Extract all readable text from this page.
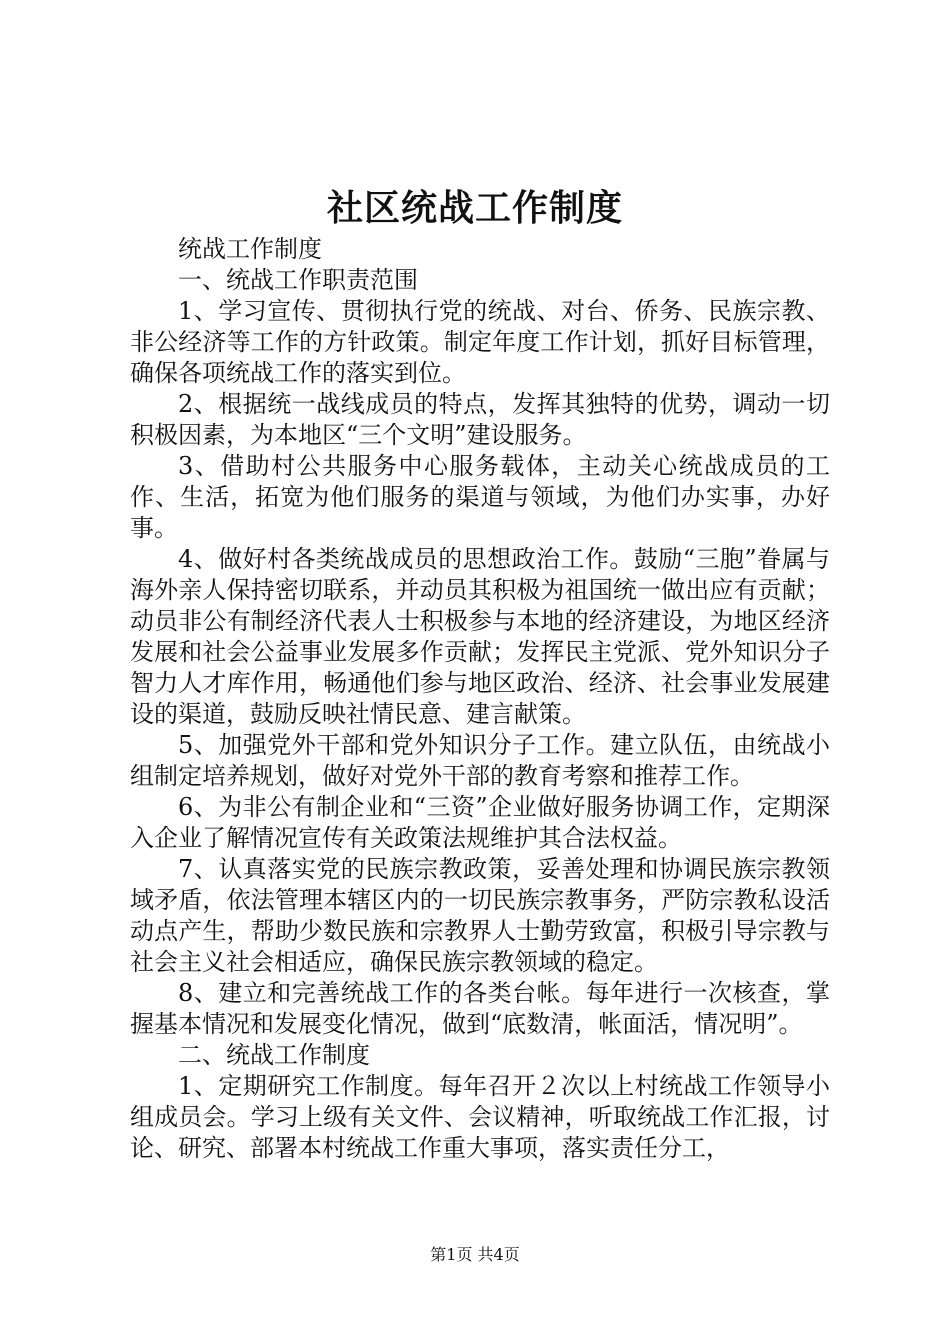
社区统战工作制度

统战工作制度

一、统战工作职责范围

1、学习宣传、贯彻执行党的统战、对台、侨务、民族宗教、非公经济等工作的方针政策。制定年度工作计划，抓好目标管理，确保各项统战工作的落实到位。

2、根据统一战线成员的特点，发挥其独特的优势，调动一切积极因素，为本地区“三个文明”建设服务。

3、借助村公共服务中心服务载体，主动关心统战成员的工作、生活，拓宽为他们服务的渠道与领域，为他们办实事，办好事。

4、做好村各类统战成员的思想政治工作。鼓励“三胞”眷属与海外亲人保持密切联系，并动员其积极为祖国统一做出应有贡献；动员非公有制经济代表人士积极参与本地的经济建设，为地区经济发展和社会公益事业发展多作贡献；发挥民主党派、党外知识分子智力人才库作用，畅通他们参与地区政治、经济、社会事业发展建设的渠道，鼓励反映社情民意、建言献策。

5、加强党外干部和党外知识分子工作。建立队伍，由统战小组制定培养规划，做好对党外干部的教育考察和推荐工作。

6、为非公有制企业和“三资”企业做好服务协调工作，定期深入企业了解情况宣传有关政策法规维护其合法权益。

7、认真落实党的民族宗教政策，妥善处理和协调民族宗教领域矛盾，依法管理本辖区内的一切民族宗教事务，严防宗教私设活动点产生，帮助少数民族和宗教界人士勤劳致富，积极引导宗教与社会主义社会相适应，确保民族宗教领域的稳定。

8、建立和完善统战工作的各类台帐。每年进行一次核查，掌握基本情况和发展变化情况，做到“底数清，帐面活，情况明”。

二、统战工作制度

1、定期研究工作制度。每年召开２次以上村统战工作领导小组成员会。学习上级有关文件、会议精神，听取统战工作汇报，讨论、研究、部署本村统战工作重大事项，落实责任分工，

第1页 共4页
